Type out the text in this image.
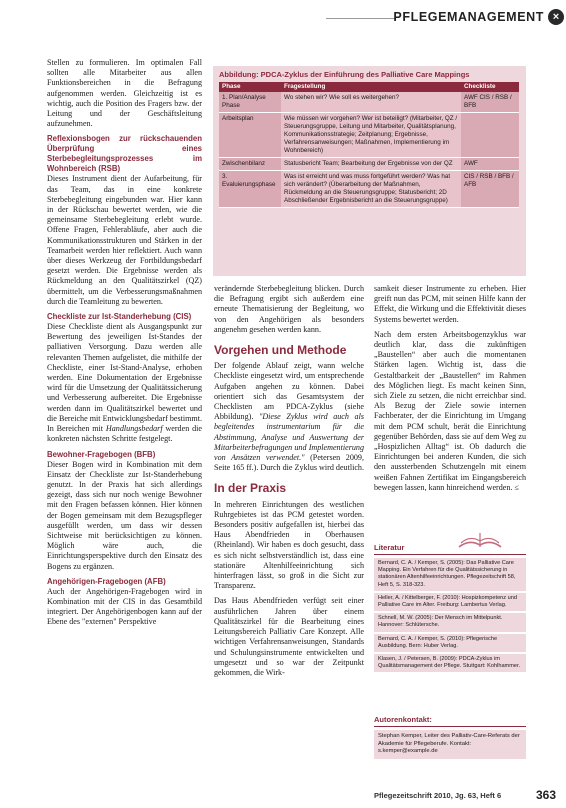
PFLEGEMANAGEMENT ×

Stellen zu formulieren. Im optimalen Fall sollten alle Mitarbeiter aus allen Funktionsbereichen in die Befragung aufgenommen werden. Gleichzeitig ist es wichtig, auch die Position des Fragers bzw. der Leitung und der Geschäftsleitung aufzunehmen.

Reflexionsbogen zur rückschauenden Überprüfung eines Sterbebegleitungsprozesses im Wohnbereich (RSB)

Dieses Instrument dient der Aufarbeitung, für das Team, das in eine konkrete Sterbebegleitung eingebunden war. Hier kann in der Rückschau bewertet werden, wie die gemeinsame Sterbebegleitung erlebt wurde. Offene Fragen, Fehlerabläufe, aber auch die Kommunikationsstrukturen und Stärken in der Teamarbeit werden hier reflektiert. Auch wann über dieses Werkzeug der Fortbildungsbedarf gesetzt werden. Die Ergebnisse werden als Rückmeldung an den Qualitätszirkel (QZ) übermittelt, um die Verbesserungsmaßnahmen durch die Teamleitung zu bewerten.

Checkliste zur Ist-Standerhebung (CIS)

Diese Checkliste dient als Ausgangspunkt zur Bewertung des jeweiligen Ist-Standes der palliativen Versorgung. Dazu werden alle relevanten Themen aufgelistet, die mithilfe der Checkliste, einer Ist-Stand-Analyse, erhoben werden. Eine Dokumentation der Ergebnisse wird für die Umsetzung der Qualitätssicherung und Verbesserung aufbereitet. Die Ergebnisse werden dann im Qualitätszirkel bewertet und die Bereiche mit Entwicklungsbedarf bestimmt. In Bereichen mit Handlungsbedarf werden die konkreten nächsten Schritte festgelegt.

Bewohner-Fragebogen (BFB)

Dieser Bogen wird in Kombination mit dem Einsatz der Checkliste zur Ist-Standerhebung genutzt. In der Praxis hat sich allerdings gezeigt, dass sich nur noch wenige Bewohner mit den Fragen befassen können. Hier können der Bogen gemeinsam mit dem Bezugspfleger ausgefüllt werden, um dass wir dessen Sichtweise mit berücksichtigen zu können. Möglich wäre auch, die Einrichtungsperspektive durch den Einsatz des Bogens zu ergänzen.

Angehörigen-Fragebogen (AFB)

Auch der Angehörigen-Fragebogen wird in Kombination mit der CIS in das Gesamtbild integriert. Der Angehörigenbogen kann auf der Ebene des "externen" Perspektive

Abbildung: PDCA-Zyklus der Einführung des Palliative Care Mappings
Phase	Fragestellung	Checkliste
1. Plan/Analyse Phase	Wo stehen wir? Wie soll es weitergehen?	AWF CIS / RSB / BFB
Arbeitsplan	Wie müssen wir vorgehen? Wer ist beteiligt? (Mitarbeiter, QZ / Steuerungsgruppe, Leitung und Mitarbeiter, Qualitätsplanung, Kommunikationsstrategie; Zeitplanung; Ergebnisse, Verfahrensanweisungen; Maßnahmen, Implementierung im Wohnbereich)	
Zwischenbilanz	Statusbericht Team; Bearbeitung der Ergebnisse von der QZ	AWF
3. Evaluierungsphase	Was ist erreicht und was muss fortgeführt werden? Was hat sich verändert? (Überarbeitung der Maßnahmen, Rückmeldung an die Steuerungsgruppe; Statusbericht; 2D Abschließender Ergebnisbericht an die Steuerungsgruppe)	CIS / RSB / BFB / AFB

verändernde Sterbebegleitung blicken. Durch die Befragung ergibt sich außerdem eine erneute Thematisierung der Begleitung, wo von den Angehörigen als besonders angenehm gesehen werden kann.

Vorgehen und Methode

Der folgende Ablauf zeigt, wann welche Checkliste eingesetzt wird, um entsprechende Aufgaben angehen zu können. Dabei orientiert sich das Gesamtsystem der Checklisten am PDCA-Zyklus (siehe Abbildung). "Diese Zyklus wird auch als begleitendes instrumentarium für die Abstimmung, Analyse und Auswertung der Mitarbeiterbefragungen und Implementierung von Ansätzen verwendet." (Petersen 2009, Seite 165 ff.). Durch die Zyklus wird deutlich.

In der Praxis

In mehreren Einrichtungen des westlichen Ruhrgebietes ist das PCM getestet worden. Besonders positiv aufgefallen ist, hierbei das Haus Abendfrieden in Oberhausen (Rheinland). Wir haben es doch gesucht, dass es sich nicht selbstverständlich ist, dass eine stationäre Altenhilfeeinrichtung sich hinterfragen lässt, so groß in die Sicht zur Transparenz.

Das Haus Abendfrieden verfügt seit einer ausführlichen Jahren über einem Qualitätszirkel für die Bearbeitung eines Leitungsbereich Palliativ Care Konzept. Alle wichtigen Verfahrensanweisungen, Standards und Schulungsinstrumente entwickelten und umgesetzt und so war der Zeitpunkt gekommen, die Wirk-

samkeit dieser Instrumente zu erheben. Hier greift nun das PCM, mit seinen Hilfe kann der Effekt, die Wirkung und die Effektivität dieses Systems bewertet werden.

Nach dem ersten Arbeitsbogenzyklus war deutlich klar, dass die zukünftigen „Baustellen“ aber auch die momentanen Stärken lagen. Wichtig ist, dass die Gestaltbarkeit der „Baustellen“ im Rahmen des Möglichen liegt. Es macht keinen Sinn, sich Ziele zu setzen, die nicht erreichbar sind. Als Bezug der Ziele sowie internen Fachberater, der die Einrichtung im Umgang mit dem PCM schult, berät die Einrichtung gegenüber Behörden, dass sie auf dem Weg zu „Hospizlichen Alltag“ ist. Ob dadurch die Einrichtungen bei anderen Kunden, die sich den aussterbenden Schutzengeln mit einem weißen Fahnen Zertifikat im Eingangsbereich bewegen lassen, kann hinreichend werden. ≤

Literatur
Bernard, C. A. / Kemper, S. (2005): Das Palliative Care Mapping. Ein Verfahren für die Qualitätssicherung in stationären Altenhilfeeinrichtungen. Pflegezeitschrift 58, Heft 5, S. 318-323.
Heller, A. / Kittelberger, F. (2010): Hospizkompetenz und Palliative Care im Alter. Freiburg: Lambertus Verlag.
Schnell, M. W. (2005): Der Mensch im Mittelpunkt. Hannover: Schlütersche.
Bernard, C. A. / Kemper, S. (2010): Pflegerische Ausbildung. Bern: Huber Verlag.
Klasen, J. / Petersen, B. (2009): PDCA-Zyklus im Qualitätsmanagement der Pflege. Stuttgart: Kohlhammer.
Autorenkontakt:
Stephan Kemper, Leiter des Palliativ-Care-Referats der Akademie für Pflegeberufe. Kontakt: s.kemper@example.de
Pflegezeitschrift 2010, Jg. 63, Heft 6	363
